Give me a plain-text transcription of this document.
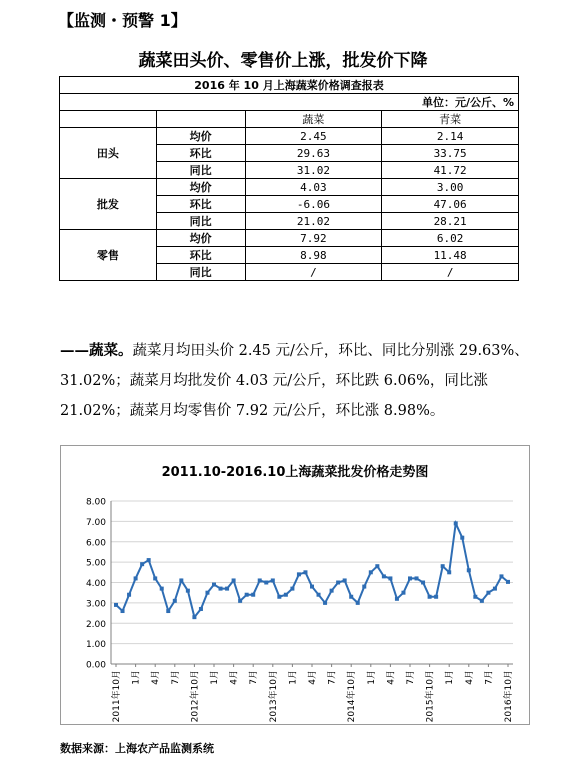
【监测・预警 1】
蔬菜田头价、零售价上涨，批发价下降
2016 年 10 月上海蔬菜价格调查报表			
单位：元/公斤、%			
		蔬菜	青菜
田头	均价	2.45	2.14
	环比	29.63	33.75
	同比	31.02	41.72
批发	均价	4.03	3.00
	环比	-6.06	47.06
	同比	21.02	28.21
零售	均价	7.92	6.02
	环比	8.98	11.48
	同比	/	/
——蔬菜。蔬菜月均田头价 2.45 元/公斤，环比、同比分别涨 29.63%、31.02%；蔬菜月均批发价 4.03 元/公斤，环比跌 6.06%，同比涨 21.02%；蔬菜月均零售价 7.92 元/公斤，环比涨 8.98%。
2011.10-2016.10上海蔬菜批发价格走势图
0.00
1.00
2.00
3.00
4.00
5.00
6.00
7.00
8.00
2011年10月 1月 4月 7月 2012年10月 1月 4月 7月 2013年10月 1月 4月 7月 2014年10月 1月 4月 7月 2015年10月 1月 4月 7月 2016年10月
数据来源：上海农产品监测系统
